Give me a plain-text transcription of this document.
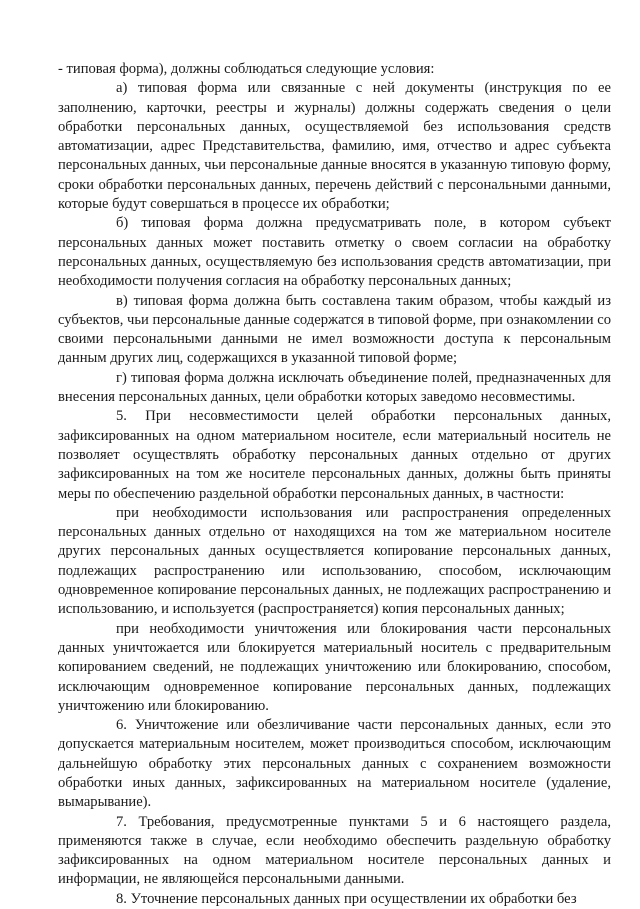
- типовая форма), должны соблюдаться следующие условия:

а) типовая форма или связанные с ней документы (инструкция по ее заполнению, карточки, реестры и журналы) должны содержать сведения о цели обработки персональных данных, осуществляемой без использования средств автоматизации, адрес Представительства, фамилию, имя, отчество и адрес субъекта персональных данных, чьи персональные данные вносятся в указанную типовую форму, сроки обработки персональных данных, перечень действий с персональными данными, которые будут совершаться в процессе их обработки;

б) типовая форма должна предусматривать поле, в котором субъект персональных данных может поставить отметку о своем согласии на обработку персональных данных, осуществляемую без использования средств автоматизации, при необходимости получения согласия на обработку персональных данных;

в) типовая форма должна быть составлена таким образом, чтобы каждый из субъектов, чьи персональные данные содержатся в типовой форме, при ознакомлении со своими персональными данными не имел возможности доступа к персональным данным других лиц, содержащихся в указанной типовой форме;

г) типовая форма должна исключать объединение полей, предназначенных для внесения персональных данных, цели обработки которых заведомо несовместимы.

5. При несовместимости целей обработки персональных данных, зафиксированных на одном материальном носителе, если материальный носитель не позволяет осуществлять обработку персональных данных отдельно от других зафиксированных на том же носителе персональных данных, должны быть приняты меры по обеспечению раздельной обработки персональных данных, в частности:

при необходимости использования или распространения определенных персональных данных отдельно от находящихся на том же материальном носителе других персональных данных осуществляется копирование персональных данных, подлежащих распространению или использованию, способом, исключающим одновременное копирование персональных данных, не подлежащих распространению и использованию, и используется (распространяется) копия персональных данных;

при необходимости уничтожения или блокирования части персональных данных уничтожается или блокируется материальный носитель с предварительным копированием сведений, не подлежащих уничтожению или блокированию, способом, исключающим одновременное копирование персональных данных, подлежащих уничтожению или блокированию.

6. Уничтожение или обезличивание части персональных данных, если это допускается материальным носителем, может производиться способом, исключающим дальнейшую обработку этих персональных данных с сохранением возможности обработки иных данных, зафиксированных на материальном носителе (удаление, вымарывание).

7. Требования, предусмотренные пунктами 5 и 6 настоящего раздела, применяются также в случае, если необходимо обеспечить раздельную обработку зафиксированных на одном материальном носителе персональных данных и информации, не являющейся персональными данными.

8. Уточнение персональных данных при осуществлении их обработки без
